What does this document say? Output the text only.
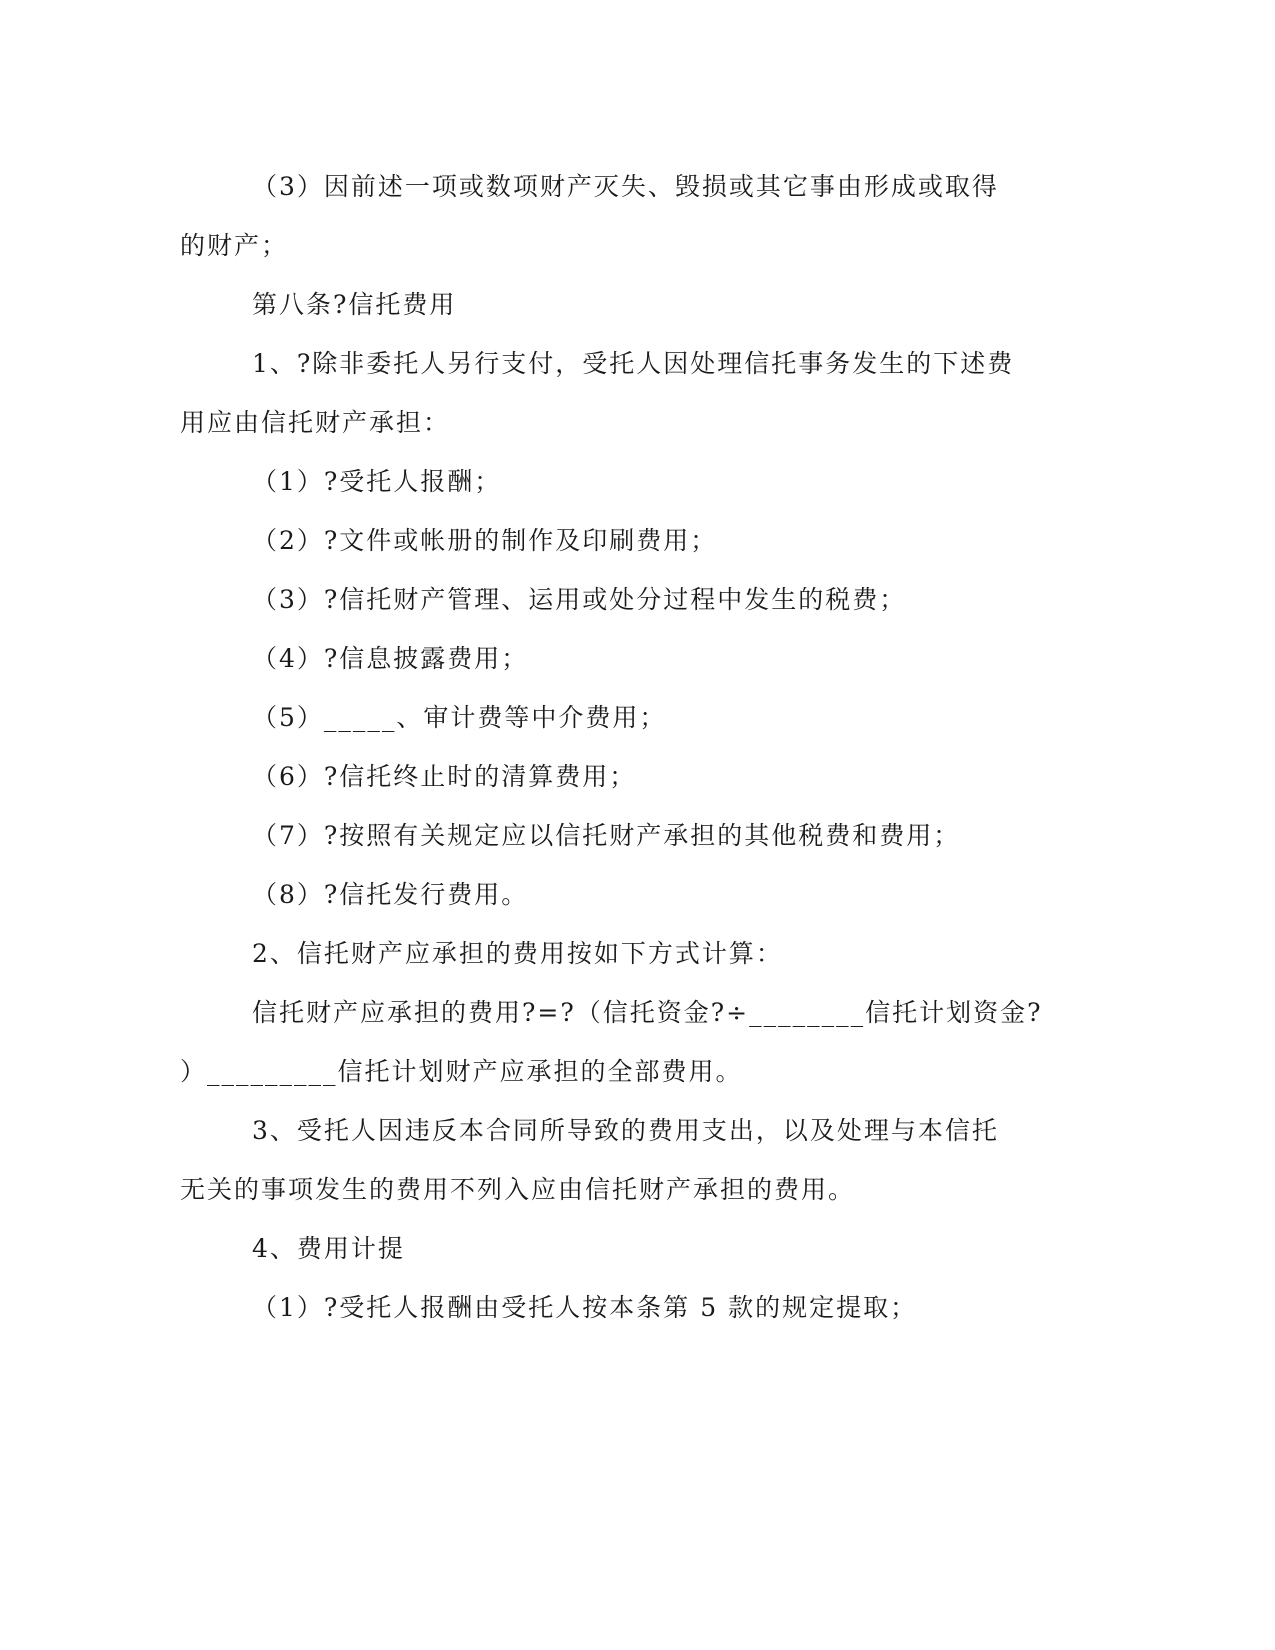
（3）因前述一项或数项财产灭失、毁损或其它事由形成或取得

的财产；

第八条?信托费用

1、?除非委托人另行支付，受托人因处理信托事务发生的下述费

用应由信托财产承担：

（1）?受托人报酬；

（2）?文件或帐册的制作及印刷费用；

（3）?信托财产管理、运用或处分过程中发生的税费；

（4）?信息披露费用；

（5）_____、审计费等中介费用；

（6）?信托终止时的清算费用；

（7）?按照有关规定应以信托财产承担的其他税费和费用；

（8）?信托发行费用。

2、信托财产应承担的费用按如下方式计算：

信托财产应承担的费用?=?（信托资金?÷________信托计划资金?

）_________信托计划财产应承担的全部费用。

3、受托人因违反本合同所导致的费用支出，以及处理与本信托

无关的事项发生的费用不列入应由信托财产承担的费用。

4、费用计提

（1）?受托人报酬由受托人按本条第 5 款的规定提取；
